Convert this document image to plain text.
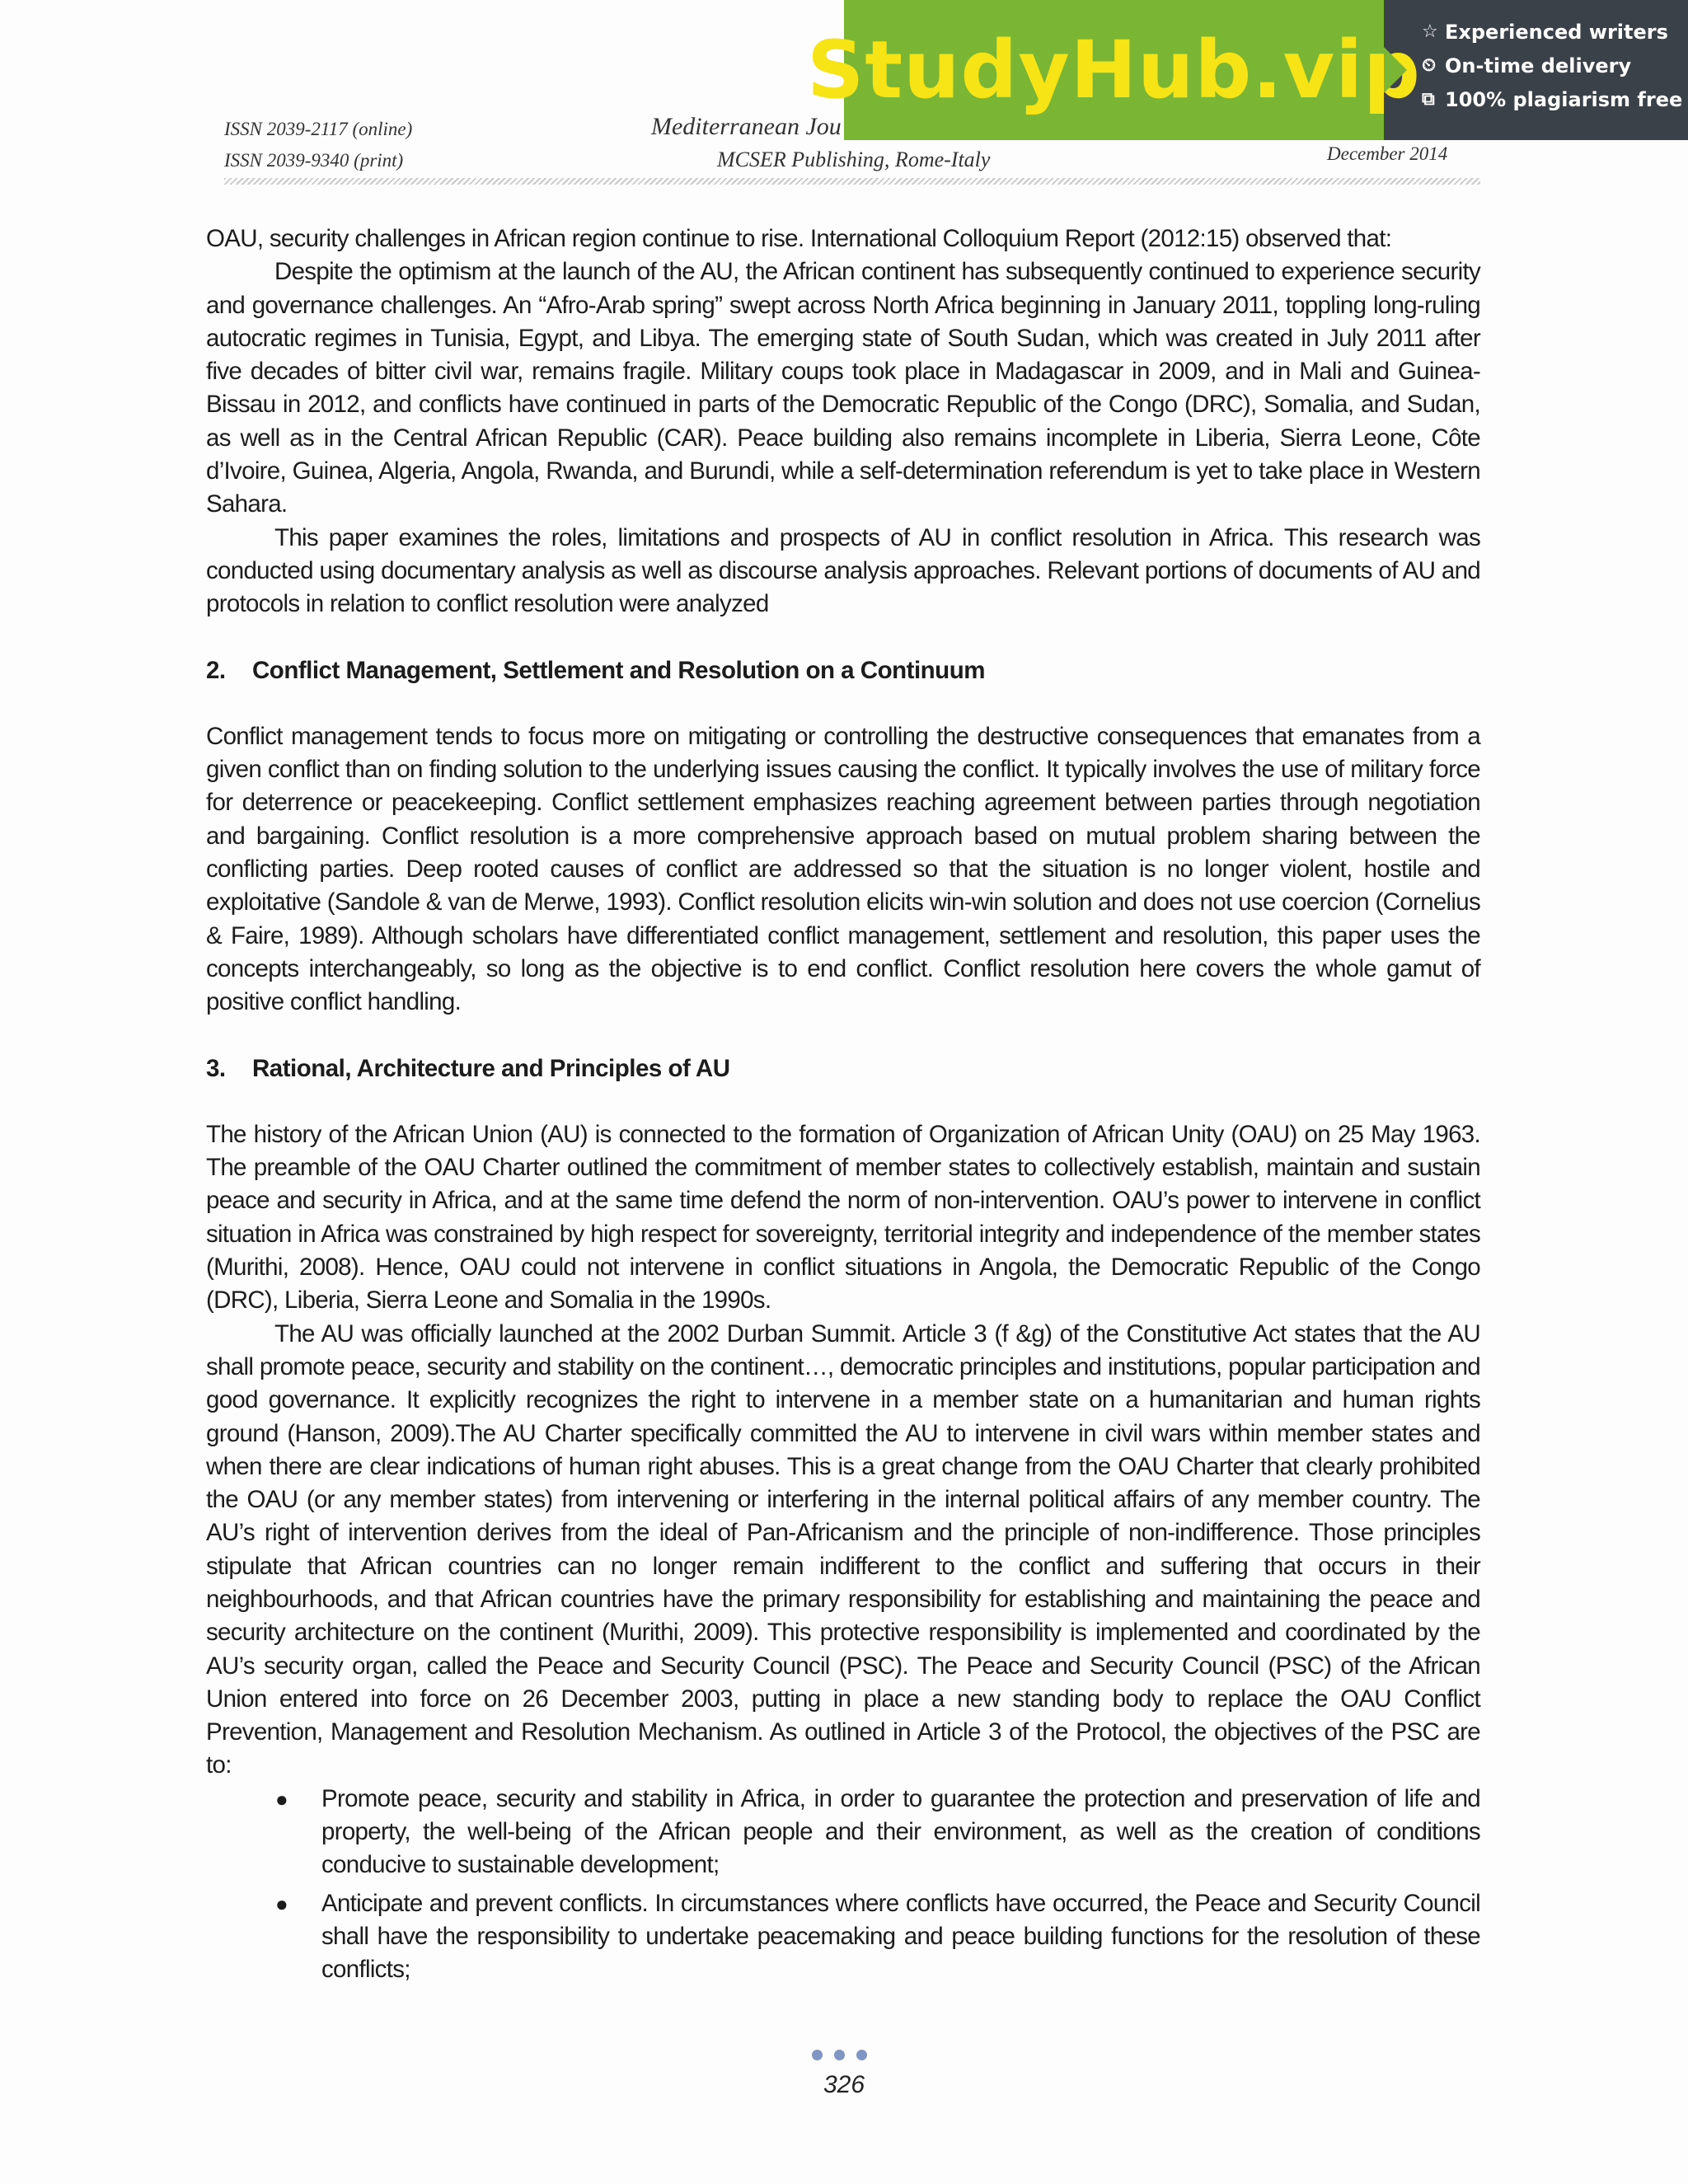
ISSN 2039-2117 (online)
ISSN 2039-9340 (print)
Mediterranean Jou
MCSER Publishing, Rome-Italy	December 2014
StudyHub.vip ☆ Experienced writers
⏲ On-time delivery
⧉ 100% plagiarism free

OAU, security challenges in African region continue to rise. International Colloquium Report (2012:15) observed that:

Despite the optimism at the launch of the AU, the African continent has subsequently continued to experience security and governance challenges. An “Afro-Arab spring” swept across North Africa beginning in January 2011, toppling long-ruling autocratic regimes in Tunisia, Egypt, and Libya. The emerging state of South Sudan, which was created in July 2011 after five decades of bitter civil war, remains fragile. Military coups took place in Madagascar in 2009, and in Mali and Guinea-Bissau in 2012, and conflicts have continued in parts of the Democratic Republic of the Congo (DRC), Somalia, and Sudan, as well as in the Central African Republic (CAR). Peace building also remains incomplete in Liberia, Sierra Leone, Côte d’Ivoire, Guinea, Algeria, Angola, Rwanda, and Burundi, while a self-determination referendum is yet to take place in Western Sahara.

This paper examines the roles, limitations and prospects of AU in conflict resolution in Africa. This research was conducted using documentary analysis as well as discourse analysis approaches. Relevant portions of documents of AU and protocols in relation to conflict resolution were analyzed

2. Conflict Management, Settlement and Resolution on a Continuum

Conflict management tends to focus more on mitigating or controlling the destructive consequences that emanates from a given conflict than on finding solution to the underlying issues causing the conflict. It typically involves the use of military force for deterrence or peacekeeping. Conflict settlement emphasizes reaching agreement between parties through negotiation and bargaining. Conflict resolution is a more comprehensive approach based on mutual problem sharing between the conflicting parties. Deep rooted causes of conflict are addressed so that the situation is no longer violent, hostile and exploitative (Sandole & van de Merwe, 1993). Conflict resolution elicits win-win solution and does not use coercion (Cornelius & Faire, 1989). Although scholars have differentiated conflict management, settlement and resolution, this paper uses the concepts interchangeably, so long as the objective is to end conflict. Conflict resolution here covers the whole gamut of positive conflict handling.

3. Rational, Architecture and Principles of AU

The history of the African Union (AU) is connected to the formation of Organization of African Unity (OAU) on 25 May 1963. The preamble of the OAU Charter outlined the commitment of member states to collectively establish, maintain and sustain peace and security in Africa, and at the same time defend the norm of non-intervention. OAU’s power to intervene in conflict situation in Africa was constrained by high respect for sovereignty, territorial integrity and independence of the member states (Murithi, 2008). Hence, OAU could not intervene in conflict situations in Angola, the Democratic Republic of the Congo (DRC), Liberia, Sierra Leone and Somalia in the 1990s.

The AU was officially launched at the 2002 Durban Summit. Article 3 (f &g) of the Constitutive Act states that the AU shall promote peace, security and stability on the continent…, democratic principles and institutions, popular participation and good governance. It explicitly recognizes the right to intervene in a member state on a humanitarian and human rights ground (Hanson, 2009).The AU Charter specifically committed the AU to intervene in civil wars within member states and when there are clear indications of human right abuses. This is a great change from the OAU Charter that clearly prohibited the OAU (or any member states) from intervening or interfering in the internal political affairs of any member country. The AU’s right of intervention derives from the ideal of Pan-Africanism and the principle of non-indifference. Those principles stipulate that African countries can no longer remain indifferent to the conflict and suffering that occurs in their neighbourhoods, and that African countries have the primary responsibility for establishing and maintaining the peace and security architecture on the continent (Murithi, 2009). This protective responsibility is implemented and coordinated by the AU’s security organ, called the Peace and Security Council (PSC). The Peace and Security Council (PSC) of the African Union entered into force on 26 December 2003, putting in place a new standing body to replace the OAU Conflict Prevention, Management and Resolution Mechanism. As outlined in Article 3 of the Protocol, the objectives of the PSC are to:

● Promote peace, security and stability in Africa, in order to guarantee the protection and preservation of life and property, the well-being of the African people and their environment, as well as the creation of conditions conducive to sustainable development;
● Anticipate and prevent conflicts. In circumstances where conflicts have occurred, the Peace and Security Council shall have the responsibility to undertake peacemaking and peace building functions for the resolution of these conflicts;
326
